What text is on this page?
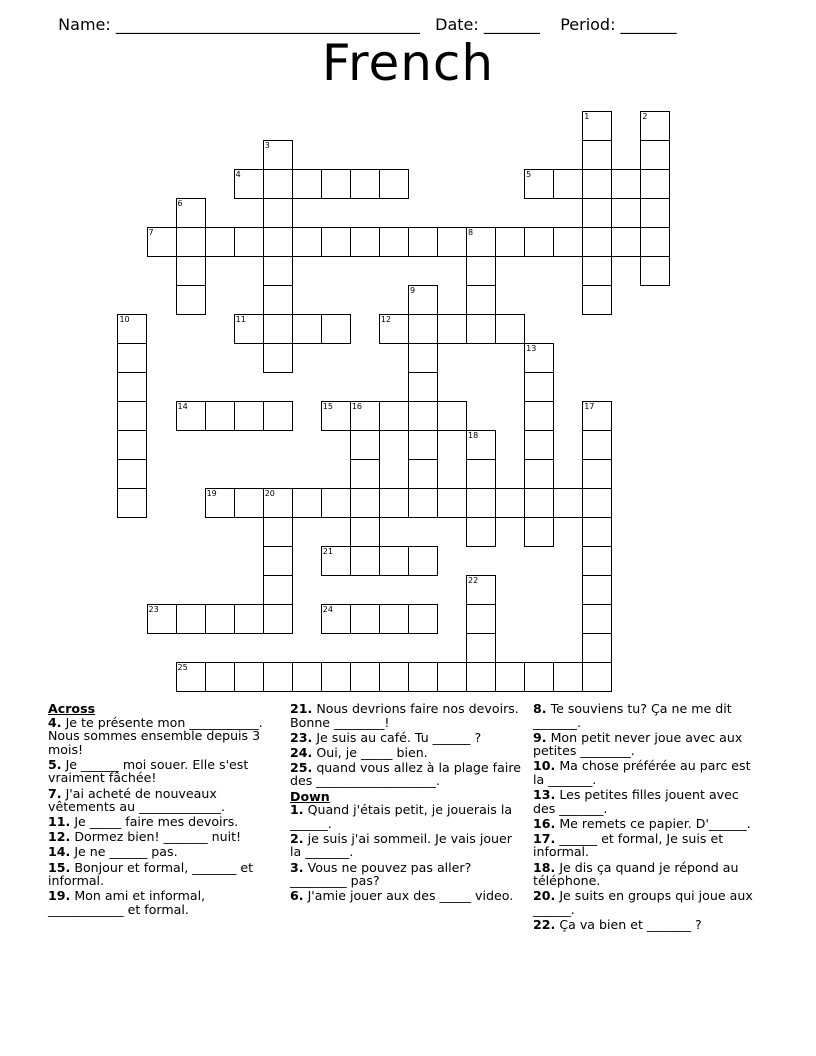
Name: ______________________________________ Date: _______ Period: _______

French
4	5
7	8
11	12
14	15 16
19	20
21
23	24
25
1	2
3
6
9
10
13
17
18
22
Across
4. Je te présente mon ___________. Nous sommes ensemble depuis 3 mois!
5. Je ______ moi souer. Elle s'est vraiment fâchée!
7. J'ai acheté de nouveaux vêtements au _____________.
11. Je _____ faire mes devoirs.
12. Dormez bien! _______ nuit!
14. Je ne ______ pas.
15. Bonjour et formal, _______ et informal.
19. Mon ami et informal, ____________ et formal.
21. Nous devrions faire nos devoirs. Bonne ________!
23. Je suis au café. Tu ______ ?
24. Oui, je _____ bien.
25. quand vous allez à la plage faire des ___________________.
Down
1. Quand j'étais petit, je jouerais la ______.
2. je suis j'ai sommeil. Je vais jouer la _______.
3. Vous ne pouvez pas aller? _________ pas?
6. J'amie jouer aux des _____ video.
8. Te souviens tu? Ça ne me dit _______.
9. Mon petit never joue avec aux petites ________.
10. Ma chose préférée au parc est la _______.
13. Les petites filles jouent avec des _______.
16. Me remets ce papier. D'______.
17. ______ et formal, Je suis et informal.
18. Je dis ça quand je répond au téléphone.
20. Je suits en groups qui joue aux ______.
22. Ça va bien et _______ ?
